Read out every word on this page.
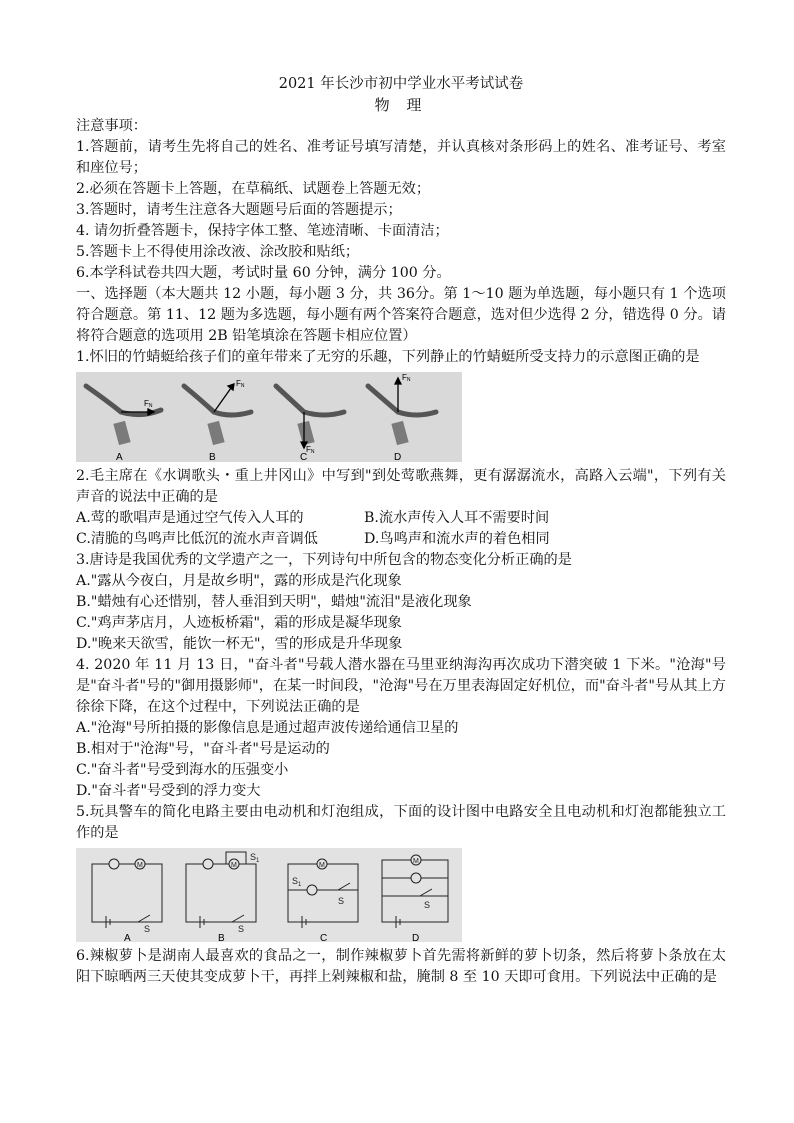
2021 年长沙市初中学业水平考试试卷
物 理
注意事项：
1.答题前，请考生先将自己的姓名、准考证号填写清楚，并认真核对条形码上的姓名、准考证号、考室和座位号；
2.必须在答题卡上答题，在草稿纸、试题卷上答题无效；
3.答题时，请考生注意各大题题号后面的答题提示；
4. 请勿折叠答题卡，保持字体工整、笔迹清晰、卡面清洁；
5.答题卡上不得使用涂改液、涂改胶和贴纸；
6.本学科试卷共四大题，考试时量 60 分钟，满分 100 分。
一、选择题（本大题共 12 小题，每小题 3 分，共 36分。第 1～10 题为单选题，每小题只有 1 个选项符合题意。第 11、12 题为多选题，每小题有两个答案符合题意，选对但少选得 2 分，错选得 0 分。请将符合题意的选项用 2B 铅笔填涂在答题卡相应位置）
1.怀旧的竹蜻蜓给孩子们的童年带来了无穷的乐趣，下列静止的竹蜻蜓所受支持力的示意图正确的是
FN
FN
FN
FN
A	B	C	D
2.毛主席在《水调歌头・重上井冈山》中写到"到处莺歌燕舞，更有潺潺流水，高路入云端"，下列有关声音的说法中正确的是
A.莺的歌唱声是通过空气传入人耳的	B.流水声传入人耳不需要时间
C.清脆的鸟鸣声比低沉的流水声音调低	D.鸟鸣声和流水声的着色相同
3.唐诗是我国优秀的文学遗产之一，下列诗句中所包含的物态变化分析正确的是
A."露从今夜白，月是故乡明"，露的形成是汽化现象
B."蜡烛有心还惜别，替人垂泪到天明"，蜡烛"流泪"是液化现象
C."鸡声茅店月，人迹板桥霜"，霜的形成是凝华现象
D."晚来天欲雪，能饮一杯无"，雪的形成是升华现象
4. 2020 年 11 月 13 日，"奋斗者"号载人潜水器在马里亚纳海沟再次成功下潜突破 1 下米。"沧海"号是"奋斗者"号的"御用摄影师"，在某一时间段，"沧海"号在万里表海固定好机位，而"奋斗者"号从其上方徐徐下降，在这个过程中，下列说法正确的是
A."沧海"号所拍摄的影像信息是通过超声波传递给通信卫星的
B.相对于"沧海"号，"奋斗者"号是运动的
C."奋斗者"号受到海水的压强变小
D."奋斗者"号受到的浮力变大
5.玩具警车的简化电路主要由电动机和灯泡组成，下面的设计图中电路安全且电动机和灯泡都能独立工作的是
M	M	M
M
S	S
S	S
$S_1$
$S_1$
A	B	C	D
6.辣椒萝卜是湖南人最喜欢的食品之一，制作辣椒萝卜首先需将新鲜的萝卜切条，然后将萝卜条放在太阳下晾晒两三天使其变成萝卜干，再拌上剁辣椒和盐，腌制 8 至 10 天即可食用。下列说法中正确的是
